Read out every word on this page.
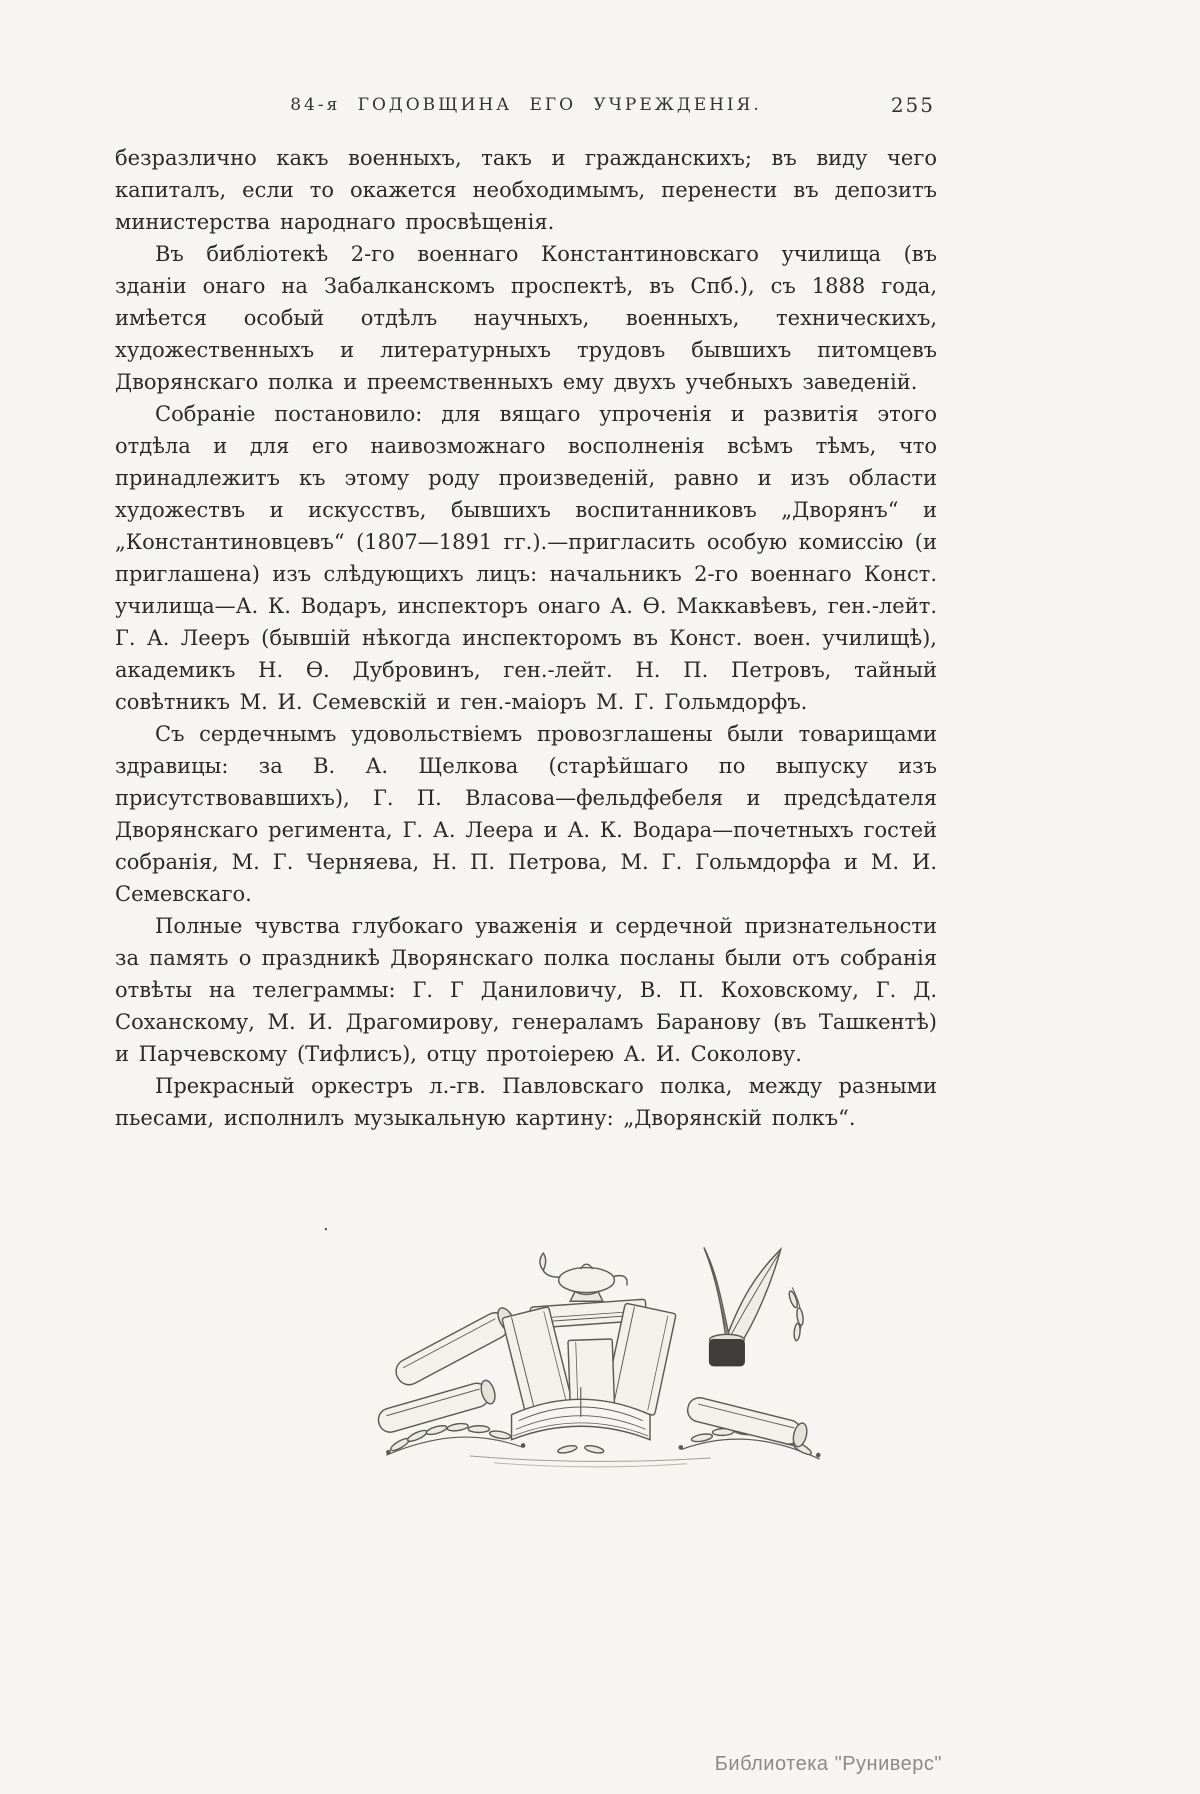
84-я ГОДОВЩИНА ЕГО УЧРЕЖДЕНІЯ.	255

безразлично какъ военныхъ, такъ и гражданскихъ; въ виду чего капиталъ, если то окажется необходимымъ, перенести въ депозитъ министерства народнаго просвѣщенія.

Въ библіотекѣ 2-го военнаго Константиновскаго училища (въ зданіи онаго на Забалканскомъ проспектѣ, въ Спб.), съ 1888 года, имѣется особый отдѣлъ научныхъ, военныхъ, техническихъ, художественныхъ и литературныхъ трудовъ бывшихъ питомцевъ Дворянскаго полка и преемственныхъ ему двухъ учебныхъ заведеній.

Собраніе постановило: для вящаго упроченія и развитія этого отдѣла и для его наивозможнаго восполненія всѣмъ тѣмъ, что принадлежитъ къ этому роду произведеній, равно и изъ области художествъ и искусствъ, бывшихъ воспитанниковъ „Дворянъ“ и „Константиновцевъ“ (1807—1891 гг.).—пригласить особую комиссію (и приглашена) изъ слѣдующихъ лицъ: начальникъ 2-го военнаго Конст. училища—А. К. Водаръ, инспекторъ онаго А. Ѳ. Маккавѣевъ, ген.-лейт. Г. А. Лееръ (бывшій нѣкогда инспекторомъ въ Конст. воен. училищѣ), академикъ Н. Ѳ. Дубровинъ, ген.-лейт. Н. П. Петровъ, тайный совѣтникъ М. И. Семевскій и ген.-маіоръ М. Г. Гольмдорфъ.

Съ сердечнымъ удовольствіемъ провозглашены были товарищами здравицы: за В. А. Щелкова (старѣйшаго по выпуску изъ присутствовавшихъ), Г. П. Власова—фельдфебеля и предсѣдателя Дворянскаго регимента, Г. А. Леера и А. К. Водара—почетныхъ гостей собранія, М. Г. Черняева, Н. П. Петрова, М. Г. Гольмдорфа и М. И. Семевскаго.

Полные чувства глубокаго уваженія и сердечной признательности за память о праздникѣ Дворянскаго полка посланы были отъ собранія отвѣты на телеграммы: Г. Г Даниловичу, В. П. Коховскому, Г. Д. Соханскому, М. И. Драгомирову, генераламъ Баранову (въ Ташкентѣ) и Парчевскому (Тифлисъ), отцу протоіерею А. И. Соколову.

Прекрасный оркестръ л.-гв. Павловскаго полка, между разными пьесами, исполнилъ музыкальную картину: „Дворянскій полкъ“.

.
Библиотека "Руниверс"
